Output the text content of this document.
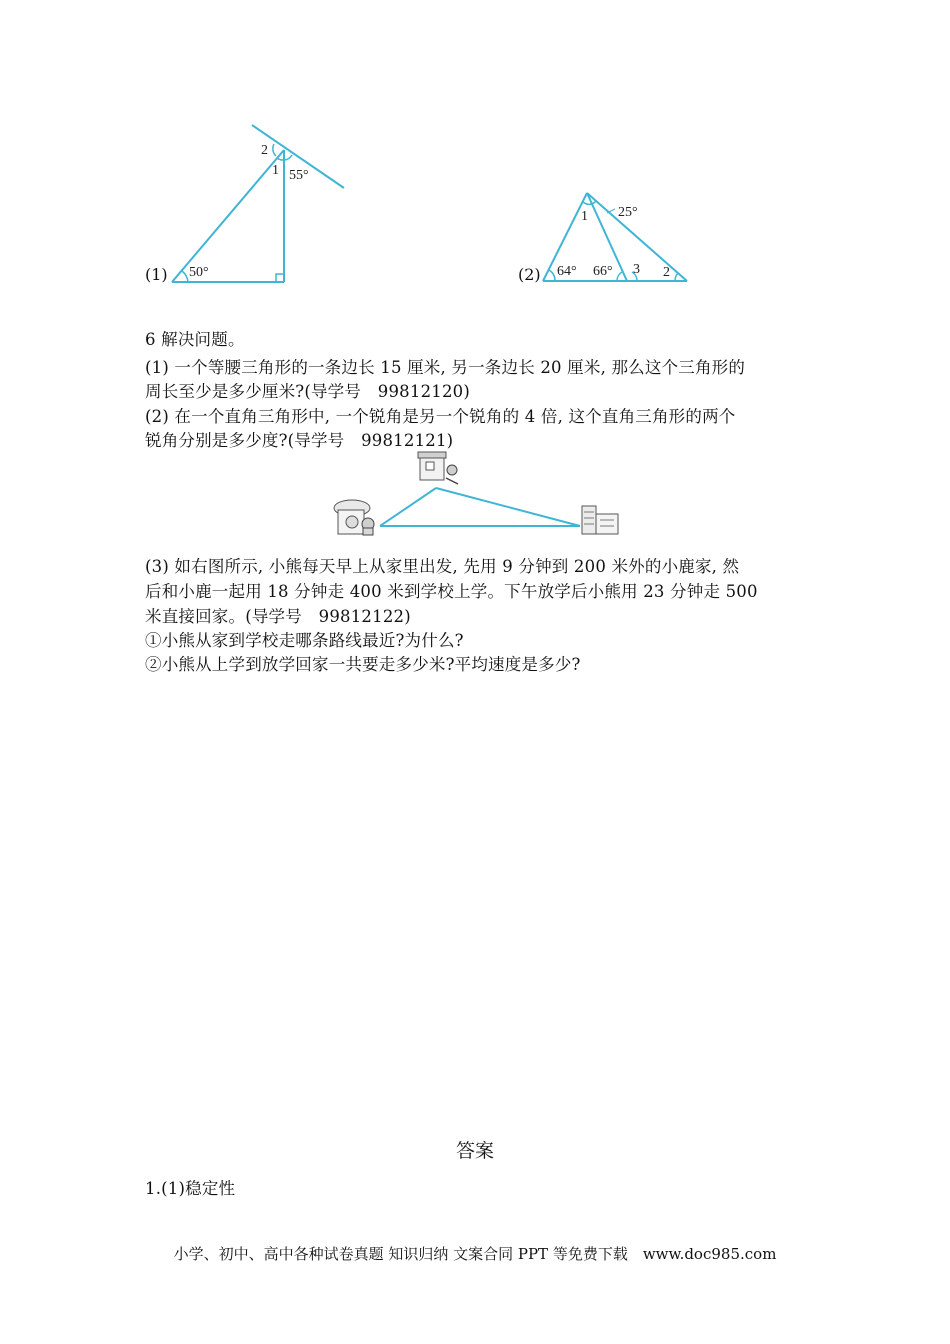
(1)
2
1 55°
50°	(2)
1 25°
64° 66° 3 2
6 解决问题。
(1) 一个等腰三角形的一条边长 15 厘米, 另一条边长 20 厘米, 那么这个三角形的
周长至少是多少厘米?(导学号　99812120)
(2) 在一个直角三角形中, 一个锐角是另一个锐角的 4 倍, 这个直角三角形的两个
锐角分别是多少度?(导学号　99812121)
(3) 如右图所示, 小熊每天早上从家里出发, 先用 9 分钟到 200 米外的小鹿家, 然
后和小鹿一起用 18 分钟走 400 米到学校上学。下午放学后小熊用 23 分钟走 500
米直接回家。(导学号　99812122)
①小熊从家到学校走哪条路线最近?为什么?
②小熊从上学到放学回家一共要走多少米?平均速度是多少?
答案
1.(1)稳定性
小学、初中、高中各种试卷真题 知识归纳 文案合同 PPT 等免费下载　www.doc985.com
